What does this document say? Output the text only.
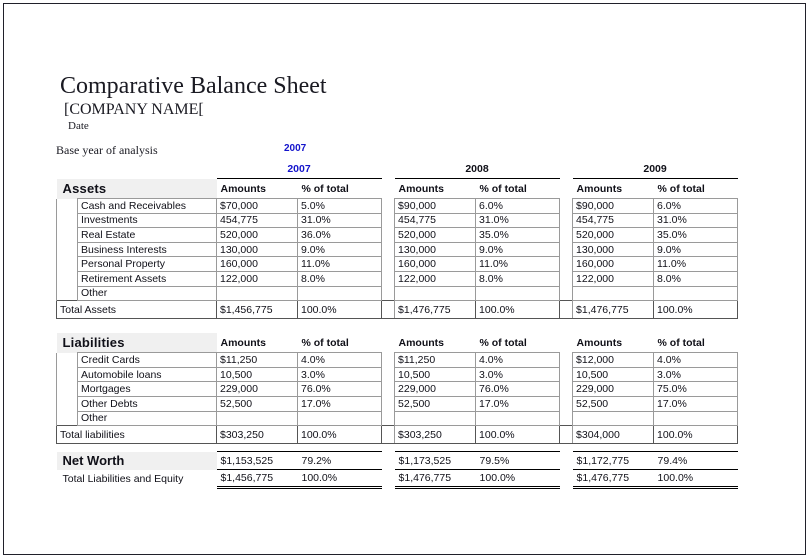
Comparative Balance Sheet
[COMPANY NAME[
Date
Base year of analysis	2007
		2007			2008			2009	
Assets		Amounts	% of total		Amounts	% of total		Amounts	% of total
	Cash and Receivables	$70,000	5.0%		$90,000	6.0%		$90,000	6.0%
	Investments	454,775	31.0%		454,775	31.0%		454,775	31.0%
	Real Estate	520,000	36.0%		520,000	35.0%		520,000	35.0%
	Business Interests	130,000	9.0%		130,000	9.0%		130,000	9.0%
	Personal Property	160,000	11.0%		160,000	11.0%		160,000	11.0%
	Retirement Assets	122,000	8.0%		122,000	8.0%		122,000	8.0%
	Other								
Total Assets		$1,456,775	100.0%		$1,476,775	100.0%		$1,476,775	100.0%

Liabilities		Amounts	% of total		Amounts	% of total		Amounts	% of total
	Credit Cards	$11,250	4.0%		$11,250	4.0%		$12,000	4.0%
	Automobile loans	10,500	3.0%		10,500	3.0%		10,500	3.0%
	Mortgages	229,000	76.0%		229,000	76.0%		229,000	75.0%
	Other Debts	52,500	17.0%		52,500	17.0%		52,500	17.0%
	Other								
Total liabilities		$303,250	100.0%		$303,250	100.0%		$304,000	100.0%

Net Worth		$1,153,525	79.2%		$1,173,525	79.5%		$1,172,775	79.4%
Total Liabilities and Equity		$1,456,775	100.0%		$1,476,775	100.0%		$1,476,775	100.0%
